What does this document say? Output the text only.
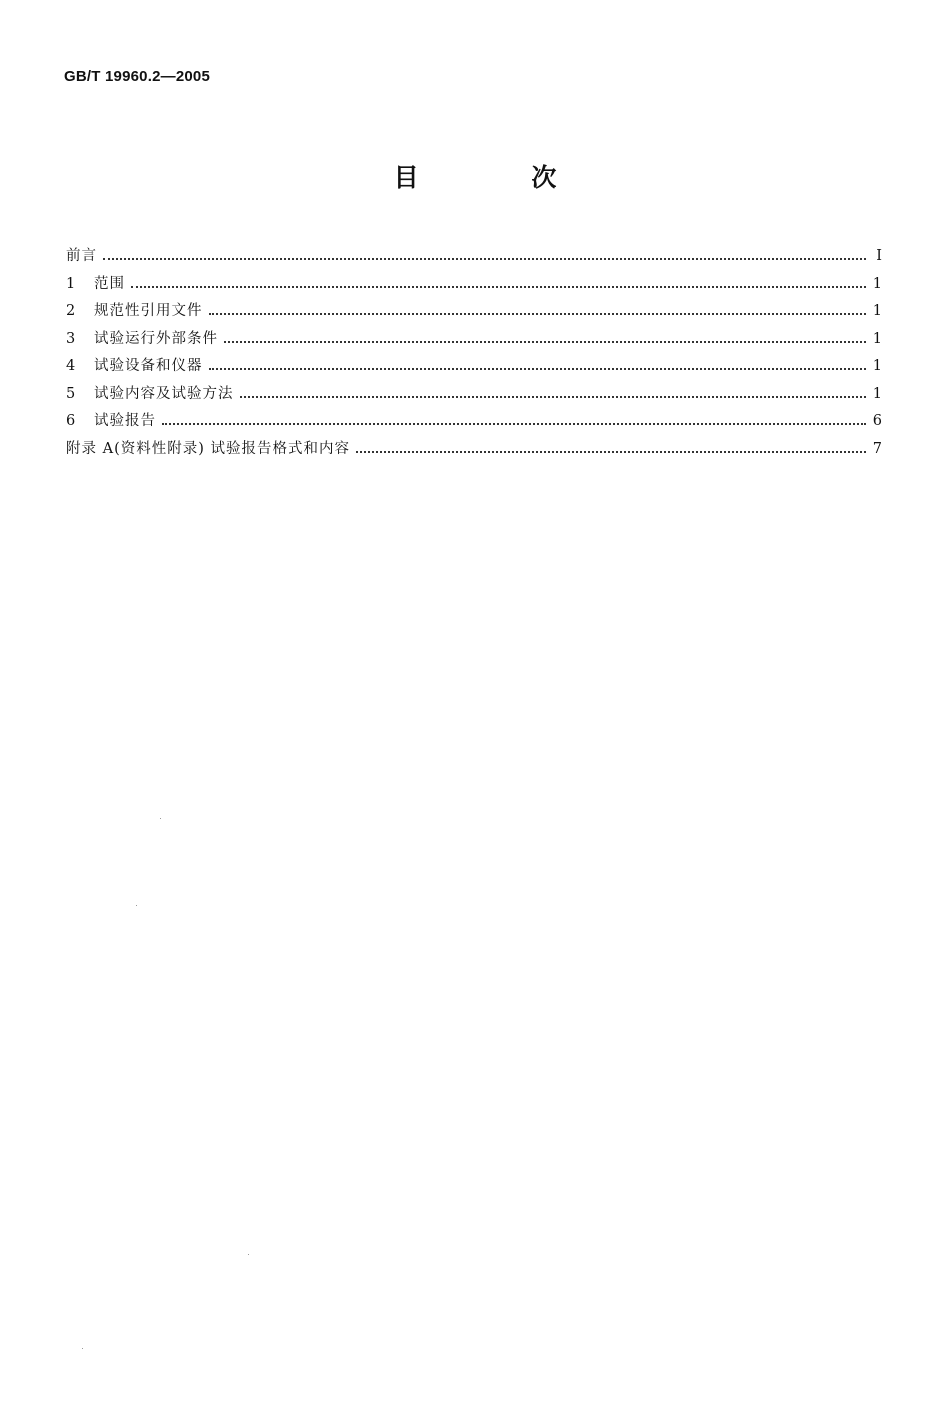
GB/T 19960.2—2005
目 次
前言	Ⅰ
1	范围	1
2	规范性引用文件	1
3	试验运行外部条件	1
4	试验设备和仪器	1
5	试验内容及试验方法	1
6	试验报告	6
附录 A(资料性附录) 试验报告格式和内容	7
